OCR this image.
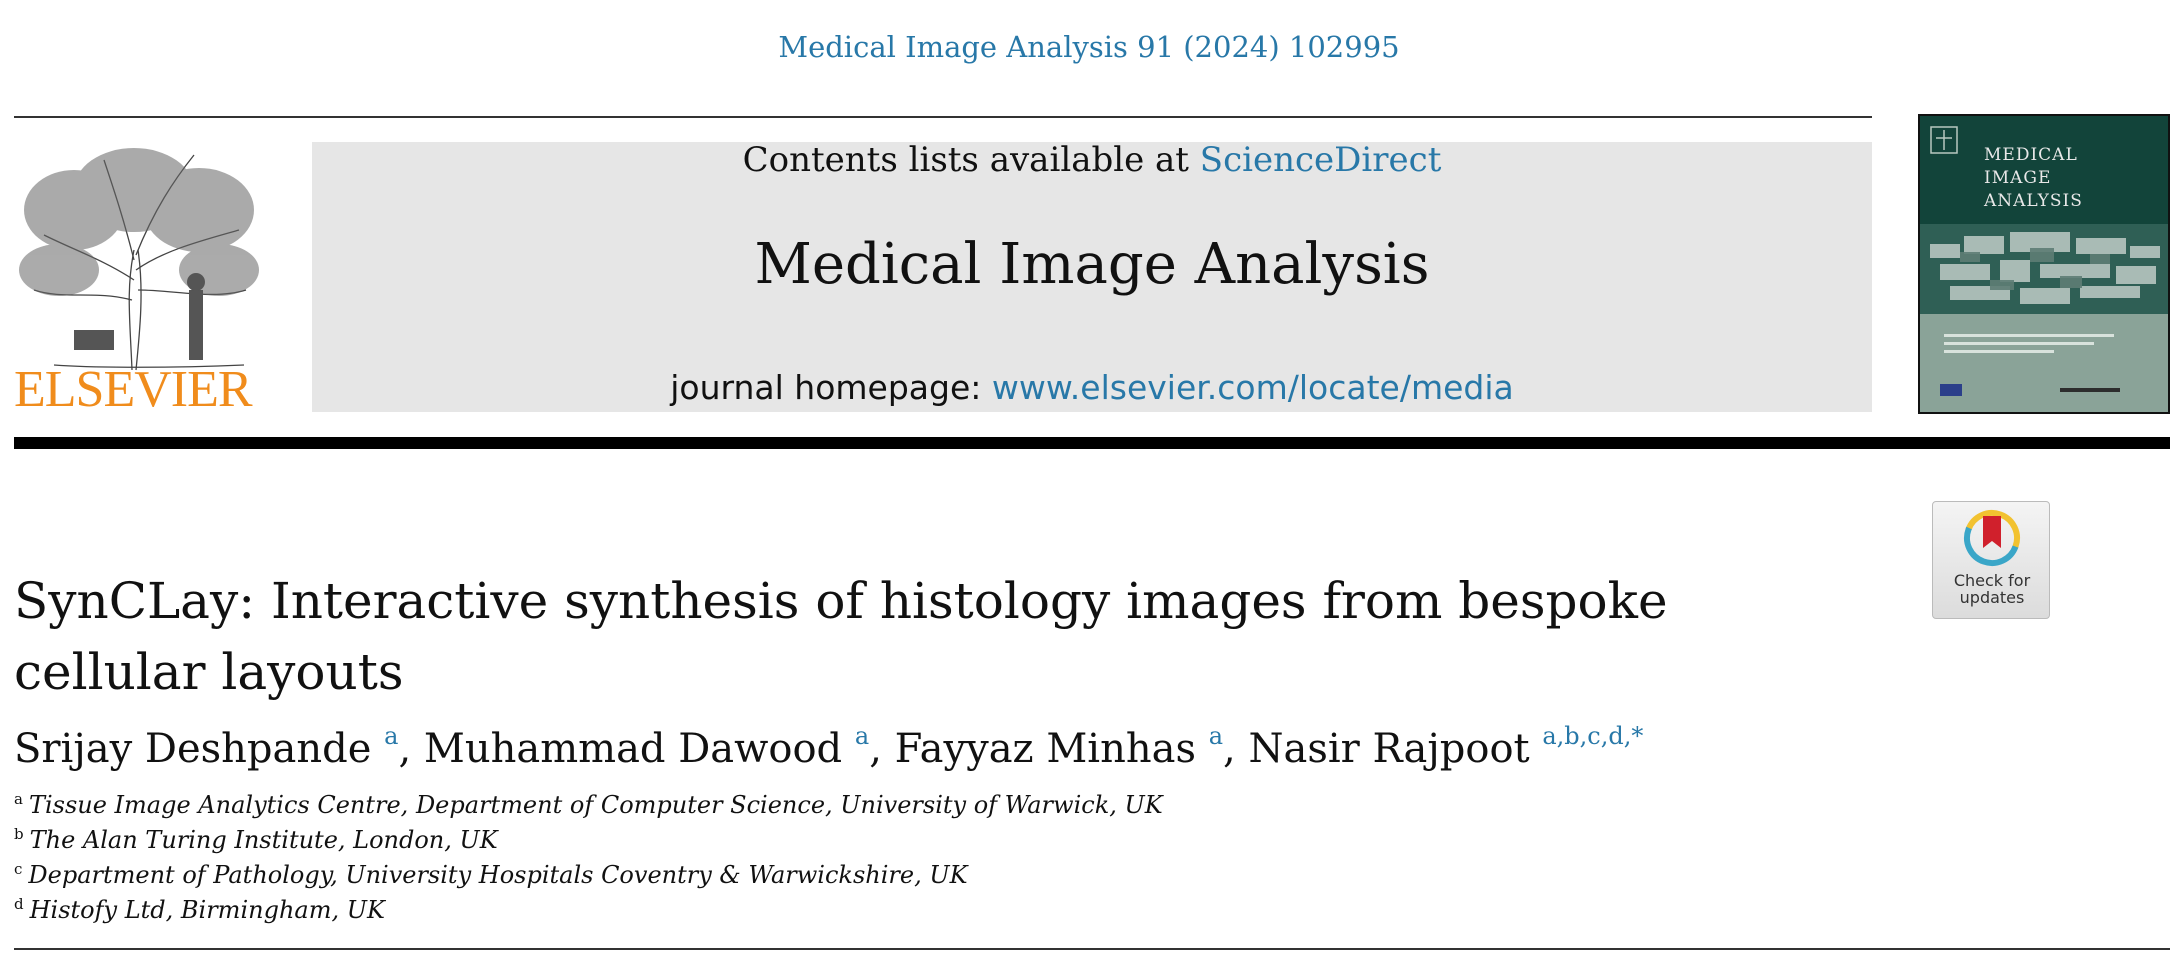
Medical Image Analysis 91 (2024) 102995
ELSEVIER
Contents lists available at ScienceDirect
Medical Image Analysis
journal homepage: www.elsevier.com/locate/media
MEDICAL
IMAGE
ANALYSIS
Check for
updates
SynCLay: Interactive synthesis of histology images from bespoke cellular layouts
Srijay Deshpande $^a$, Muhammad Dawood $^a$, Fayyaz Minhas $^a$, Nasir Rajpoot $^{a,b,c,d,*}$
$^a$ Tissue Image Analytics Centre, Department of Computer Science, University of Warwick, UK
$^b$ The Alan Turing Institute, London, UK
$^c$ Department of Pathology, University Hospitals Coventry & Warwickshire, UK
$^d$ Histofy Ltd, Birmingham, UK
